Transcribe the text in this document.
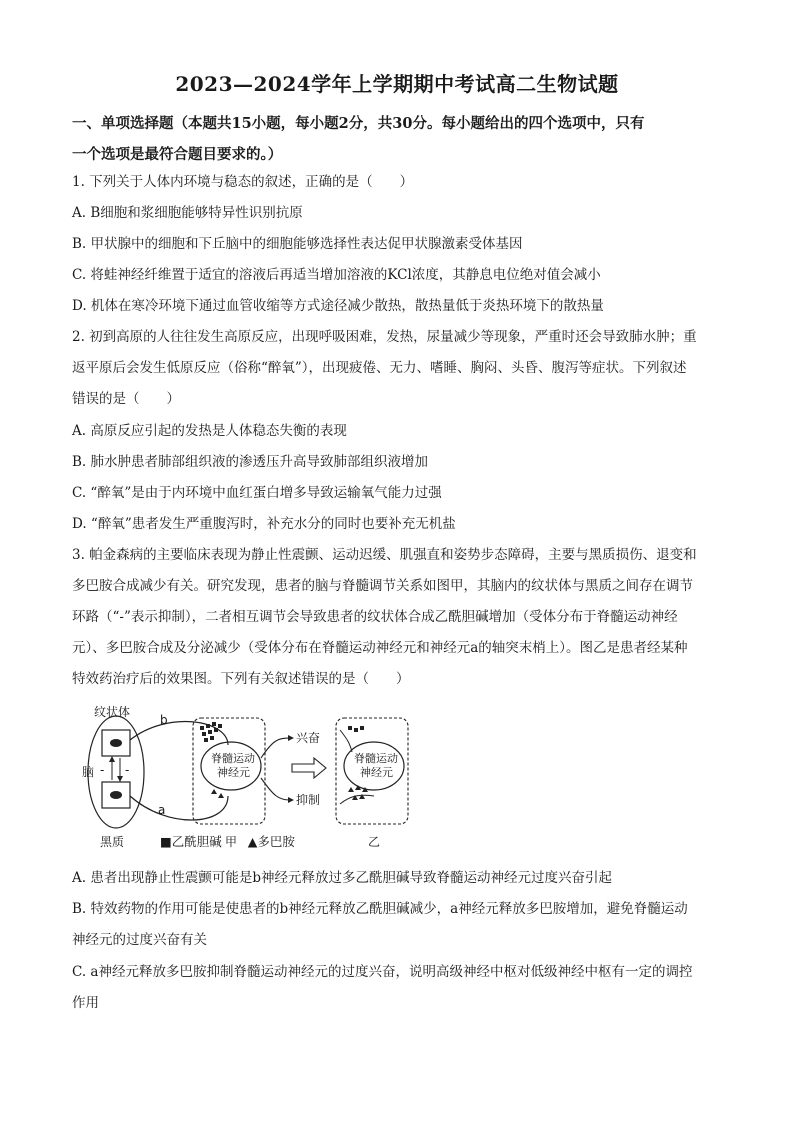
2023—2024学年上学期期中考试高二生物试题
一、单项选择题（本题共15小题，每小题2分，共30分。每小题给出的四个选项中，只有
一个选项是最符合题目要求的。）
1. 下列关于人体内环境与稳态的叙述，正确的是（　　）
A. B细胞和浆细胞能够特异性识别抗原
B. 甲状腺中的细胞和下丘脑中的细胞能够选择性表达促甲状腺激素受体基因
C. 将蛙神经纤维置于适宜的溶液后再适当增加溶液的KCl浓度，其静息电位绝对值会减小
D. 机体在寒冷环境下通过血管收缩等方式途径减少散热，散热量低于炎热环境下的散热量
2. 初到高原的人往往发生高原反应，出现呼吸困难，发热，尿量减少等现象，严重时还会导致肺水肿；重
返平原后会发生低原反应（俗称“醉氧”），出现疲倦、无力、嗜睡、胸闷、头昏、腹泻等症状。下列叙述
错误的是（　　）
A. 高原反应引起的发热是人体稳态失衡的表现
B. 肺水肿患者肺部组织液的渗透压升高导致肺部组织液增加
C. “醉氧”是由于内环境中血红蛋白增多导致运输氧气能力过强
D. “醉氧”患者发生严重腹泻时，补充水分的同时也要补充无机盐
3. 帕金森病的主要临床表现为静止性震颤、运动迟缓、肌强直和姿势步态障碍，主要与黑质损伤、退变和
多巴胺合成减少有关。研究发现，患者的脑与脊髓调节关系如图甲，其脑内的纹状体与黑质之间存在调节
环路（“-”表示抑制），二者相互调节会导致患者的纹状体合成乙酰胆碱增加（受体分布于脊髓运动神经
元）、多巴胺合成及分泌减少（受体分布在脊髓运动神经元和神经元a的轴突末梢上）。图乙是患者经某种
特效药治疗后的效果图。下列有关叙述错误的是（　　）
- -
纹状体
脑
黑质
b
a
脊髓运动
神经元
甲
兴奋
抑制
脊髓运动
神经元
乙
■乙酰胆碱 ▲多巴胺
A. 患者出现静止性震颤可能是b神经元释放过多乙酰胆碱导致脊髓运动神经元过度兴奋引起
B. 特效药物的作用可能是使患者的b神经元释放乙酰胆碱减少，a神经元释放多巴胺增加，避免脊髓运动
神经元的过度兴奋有关
C. a神经元释放多巴胺抑制脊髓运动神经元的过度兴奋，说明高级神经中枢对低级神经中枢有一定的调控
作用
